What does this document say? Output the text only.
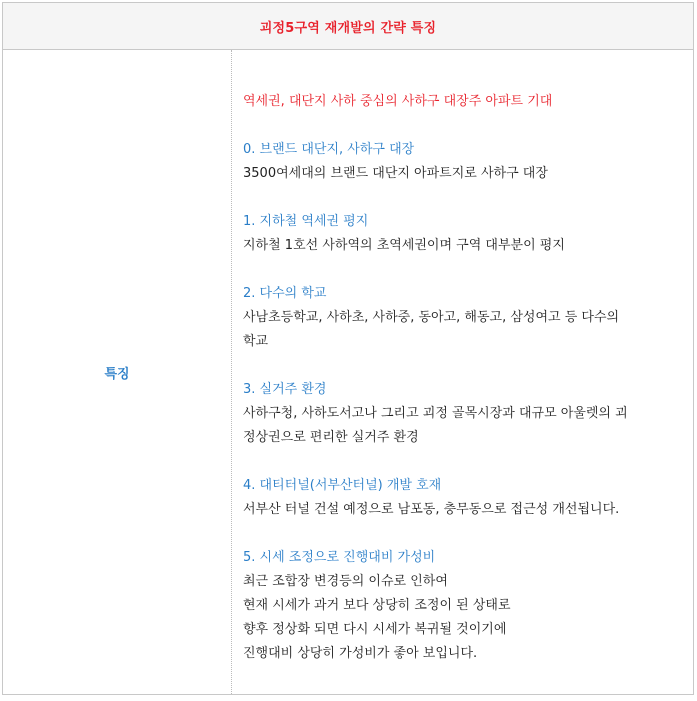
괴정5구역 재개발의 간략 특징
특징
역세권, 대단지 사하 중심의 사하구 대장주 아파트 기대
0. 브랜드 대단지, 사하구 대장
3500여세대의 브랜드 대단지 아파트지로 사하구 대장
1. 지하철 역세권 평지
지하철 1호선 사하역의 초역세권이며 구역 대부분이 평지
2. 다수의 학교
사남초등학교, 사하초, 사하중, 동아고, 해동고, 삼성여고 등 다수의
학교
3. 실거주 환경
사하구청, 사하도서고나 그리고 괴정 골목시장과 대규모 아울렛의 괴
정상권으로 편리한 실거주 환경
4. 대티터널(서부산터널) 개발 호재
서부산 터널 건설 예정으로 남포동, 충무동으로 접근성 개선됩니다.
5. 시세 조정으로 진행대비 가성비
최근 조합장 변경등의 이슈로 인하여
현재 시세가 과거 보다 상당히 조정이 된 상태로
향후 정상화 되면 다시 시세가 복귀될 것이기에
진행대비 상당히 가성비가 좋아 보입니다.
